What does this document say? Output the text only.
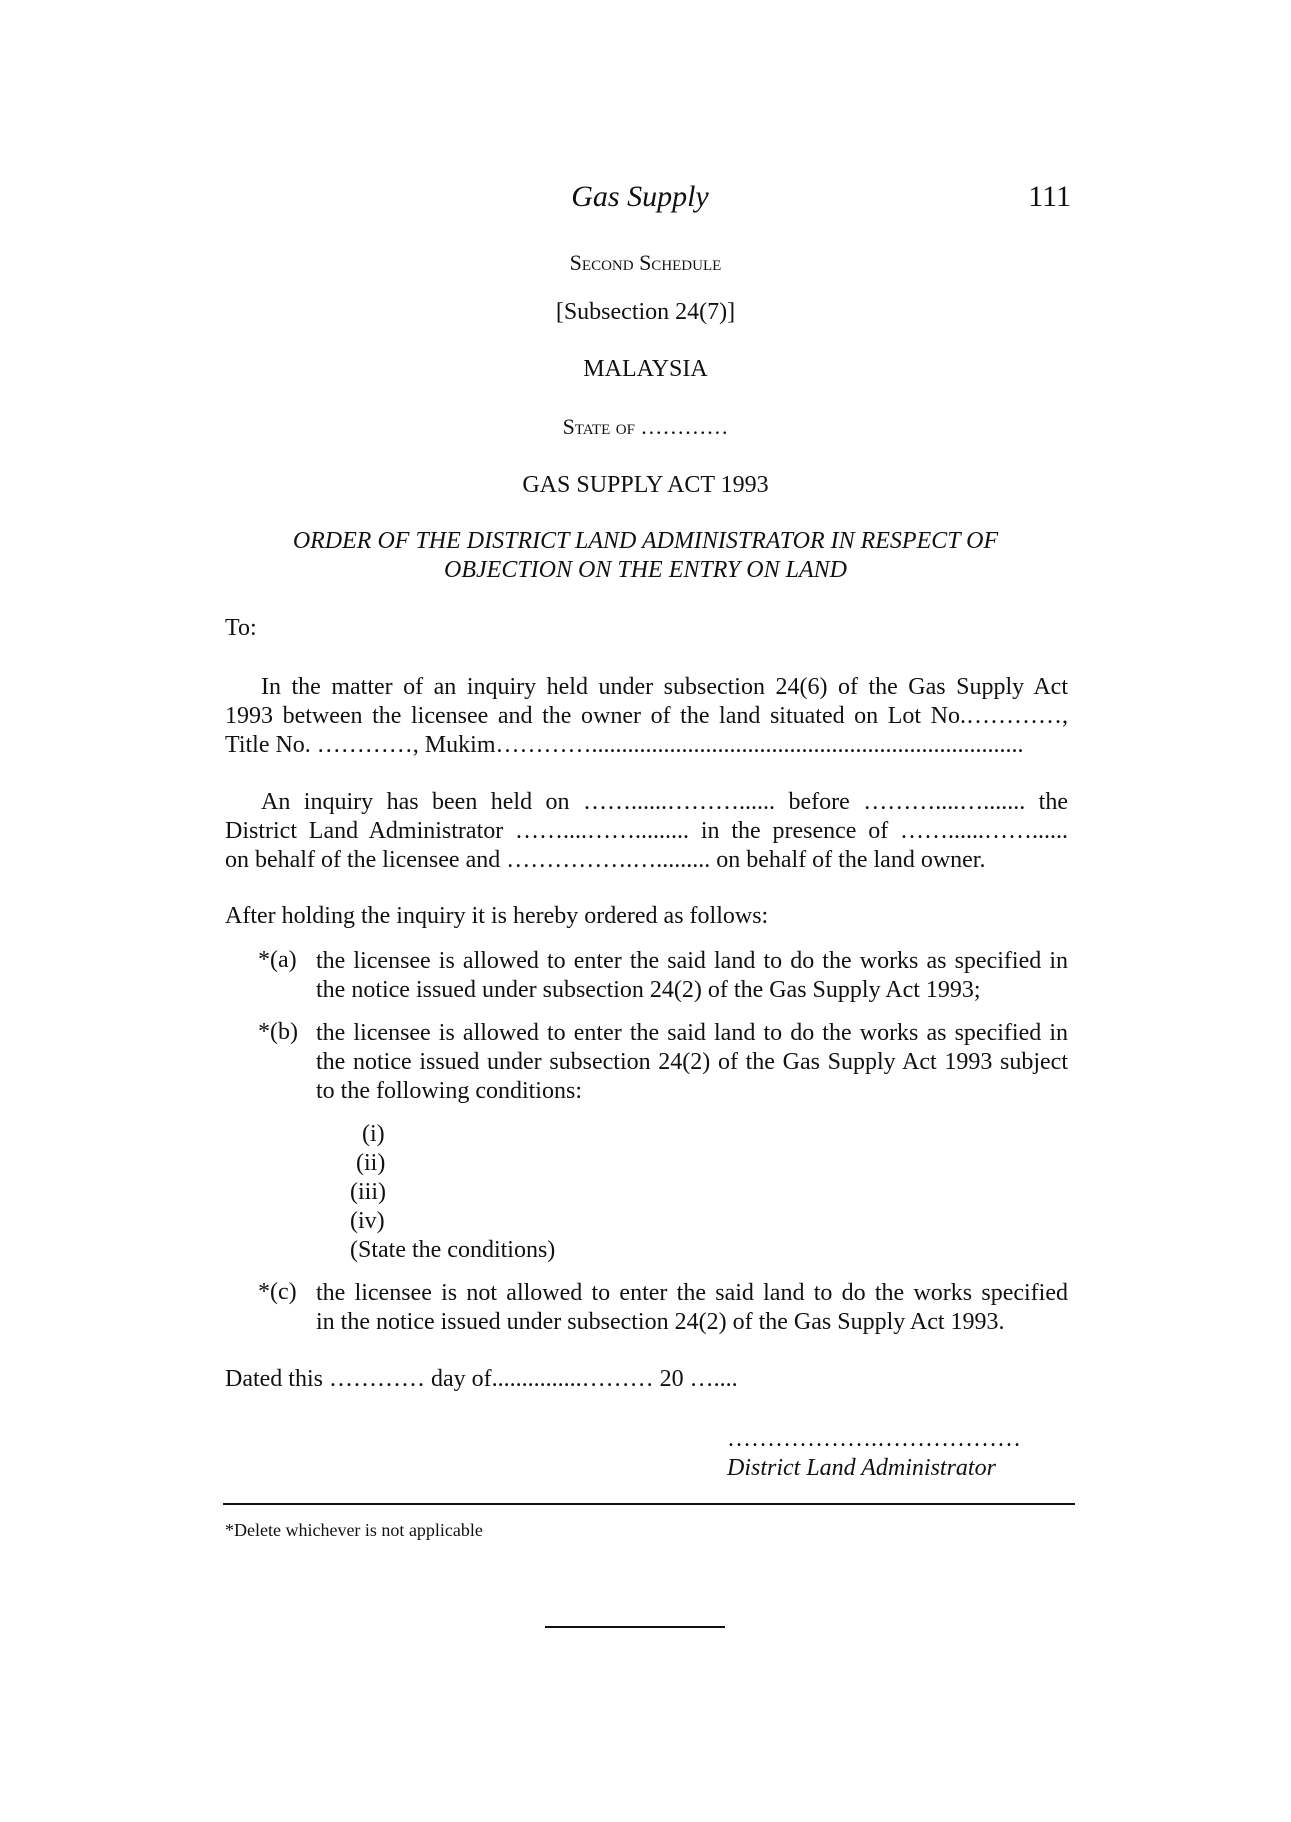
Gas Supply	111
Second Schedule
[Subsection 24(7)]
MALAYSIA
State of …………
GAS SUPPLY ACT 1993
ORDER OF THE DISTRICT LAND ADMINISTRATOR IN RESPECT OF
OBJECTION ON THE ENTRY ON LAND
To:
In the matter of an inquiry held under subsection 24(6) of the Gas Supply Act
1993 between the licensee and the owner of the land situated on Lot No.…………,
Title No. …………, Mukim…………........................................................................
An inquiry has been held on ……......………...... before ………....…....... the
District Land Administrator ……....……......... in the presence of ……......……......
on behalf of the licensee and …………….…......... on behalf of the land owner.
After holding the inquiry it is hereby ordered as follows:
*(a) the licensee is allowed to enter the said land to do the works as specified in
the notice issued under subsection 24(2) of the Gas Supply Act 1993;
*(b) the licensee is allowed to enter the said land to do the works as specified in
the notice issued under subsection 24(2) of the Gas Supply Act 1993 subject
to the following conditions:
(i)
(ii)
(iii)
(iv)
(State the conditions)
*(c) the licensee is not allowed to enter the said land to do the works specified
in the notice issued under subsection 24(2) of the Gas Supply Act 1993.
Dated this ………… day of...............……… 20 …....
……………….………………
District Land Administrator
*Delete whichever is not applicable
